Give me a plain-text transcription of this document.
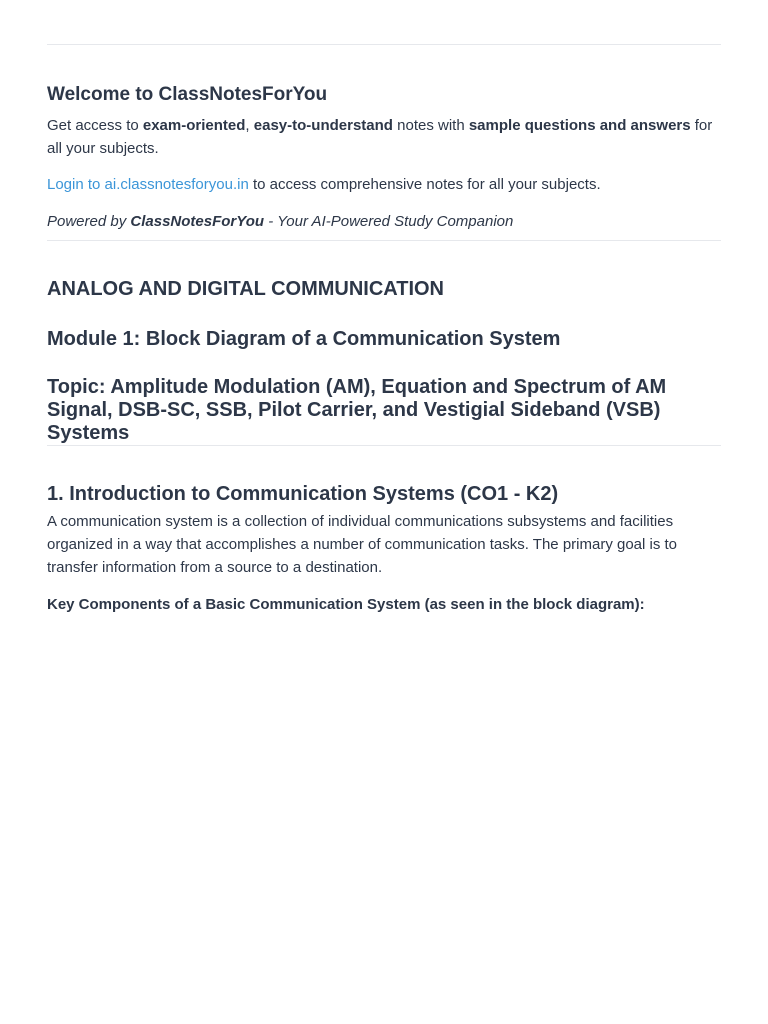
Welcome to ClassNotesForYou

Get access to exam-oriented, easy-to-understand notes with sample questions and answers for all your subjects.

Login to ai.classnotesforyou.in to access comprehensive notes for all your subjects.

Powered by ClassNotesForYou - Your AI-Powered Study Companion

ANALOG AND DIGITAL COMMUNICATION
Module 1: Block Diagram of a Communication System
Topic: Amplitude Modulation (AM), Equation and Spectrum of AM Signal, DSB-SC, SSB, Pilot Carrier, and Vestigial Sideband (VSB) Systems
1. Introduction to Communication Systems (CO1 - K2)

A communication system is a collection of individual communications subsystems and facilities organized in a way that accomplishes a number of communication tasks. The primary goal is to transfer information from a source to a destination.

Key Components of a Basic Communication System (as seen in the block diagram):
